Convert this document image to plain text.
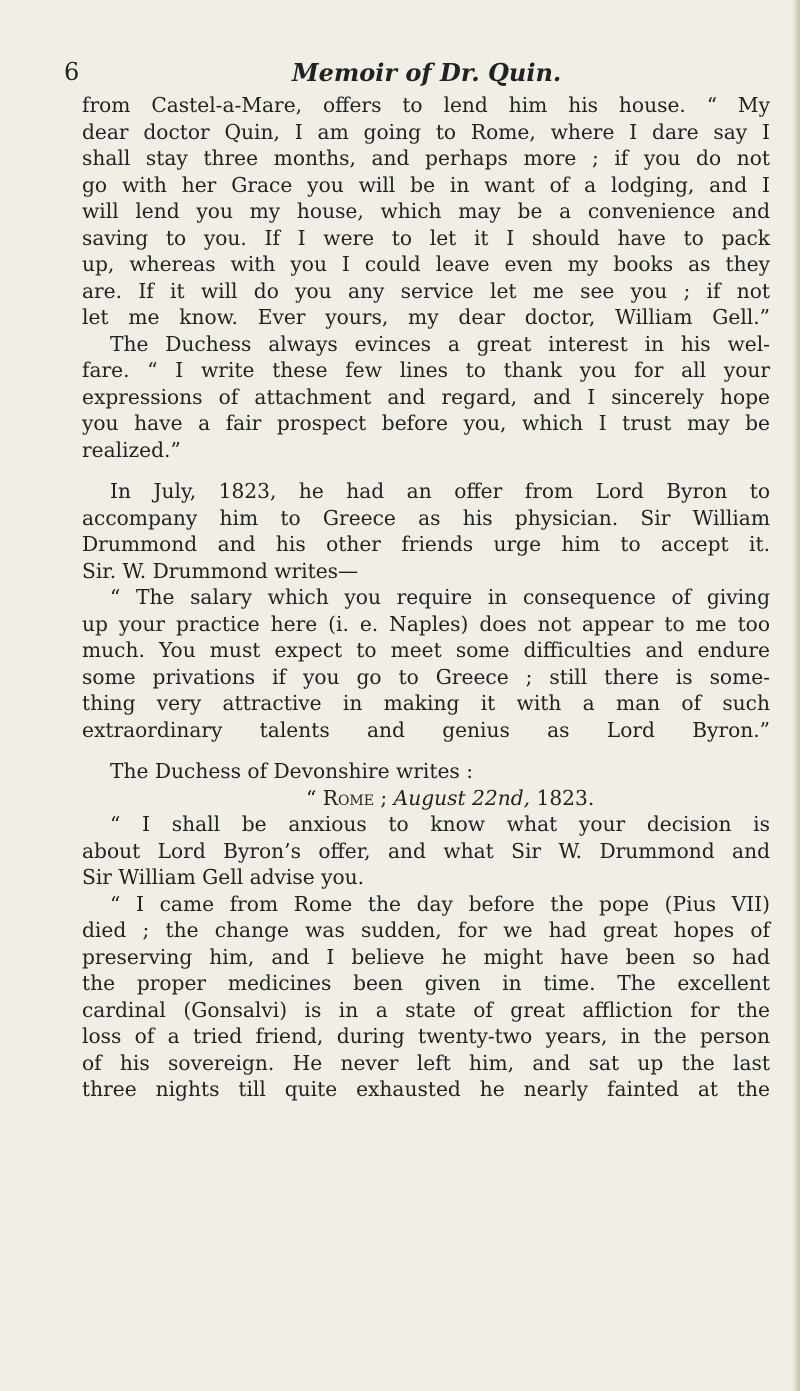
6	Memoir of Dr. Quin.
from Castel-a-Mare, offers to lend him his house. “ My
dear doctor Quin, I am going to Rome, where I dare say I
shall stay three months, and perhaps more ; if you do not
go with her Grace you will be in want of a lodging, and I
will lend you my house, which may be a convenience and
saving to you. If I were to let it I should have to pack
up, whereas with you I could leave even my books as they
are. If it will do you any service let me see you ; if not
let me know. Ever yours, my dear doctor, William Gell.”
The Duchess always evinces a great interest in his wel-
fare. “ I write these few lines to thank you for all your
expressions of attachment and regard, and I sincerely hope
you have a fair prospect before you, which I trust may be
realized.”
In July, 1823, he had an offer from Lord Byron to
accompany him to Greece as his physician. Sir William
Drummond and his other friends urge him to accept it.
Sir. W. Drummond writes—
“ The salary which you require in consequence of giving
up your practice here (i. e. Naples) does not appear to me too
much. You must expect to meet some difficulties and endure
some privations if you go to Greece ; still there is some-
thing very attractive in making it with a man of such
extraordinary talents and genius as Lord Byron.”
The Duchess of Devonshire writes :
“ Rome ; August 22nd, 1823.
“ I shall be anxious to know what your decision is
about Lord Byron’s offer, and what Sir W. Drummond and
Sir William Gell advise you.
“ I came from Rome the day before the pope (Pius VII)
died ; the change was sudden, for we had great hopes of
preserving him, and I believe he might have been so had
the proper medicines been given in time. The excellent
cardinal (Gonsalvi) is in a state of great affliction for the
loss of a tried friend, during twenty-two years, in the person
of his sovereign. He never left him, and sat up the last
three nights till quite exhausted he nearly fainted at the
